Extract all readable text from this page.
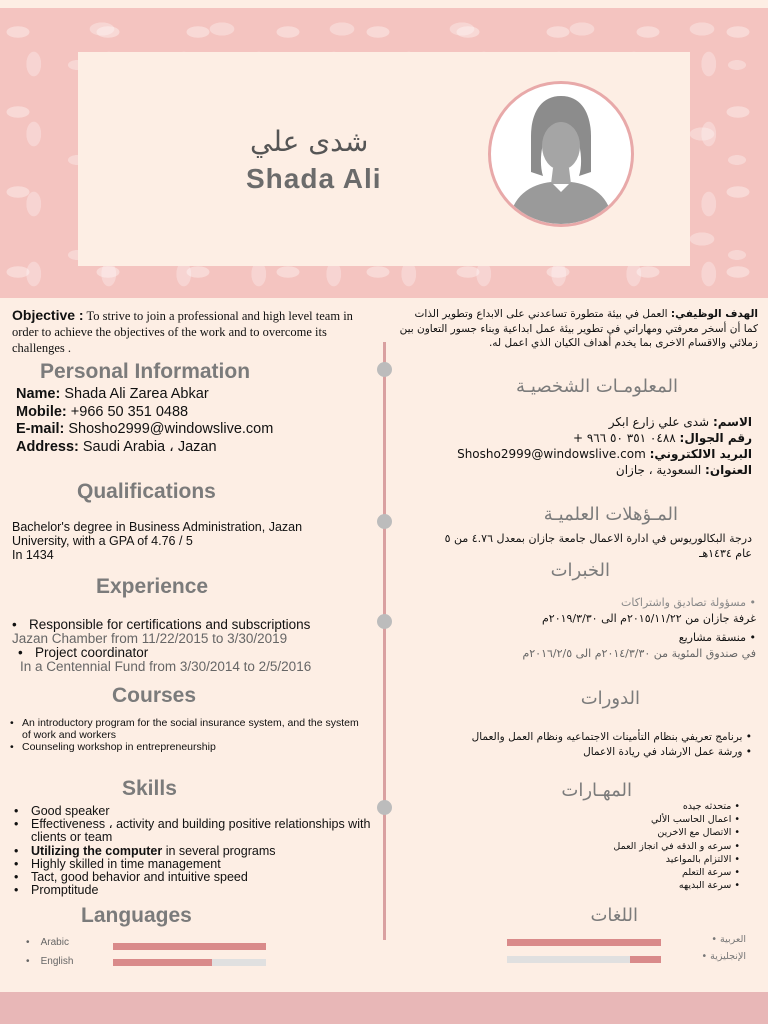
شدى علي
Shada Ali
Objective : To strive to join a professional and high level team in order to achieve the objectives of the work and to overcome its challenges .
Personal Information
Name: Shada Ali Zarea Abkar
Mobile: +966 50 351 0488
E-mail: Shosho2999@windowslive.com
Address: Saudi Arabia ، Jazan
Qualifications
Bachelor's degree in Business Administration, Jazan University, with a GPA of 4.76 / 5
In 1434
Experience
• Responsible for certifications and subscriptions
Jazan Chamber from 11/22/2015 to 3/30/2019
• Project coordinator
In a Centennial Fund from 3/30/2014 to 2/5/2016
Courses
• An introductory program for the social insurance system, and the system of work and workers
• Counseling workshop in entrepreneurship
Skills
• Good speaker
• Effectiveness ، activity and building positive relationships with clients or team
• Utilizing the computer in several programs
• Highly skilled in time management
• Tact, good behavior and intuitive speed
• Promptitude
Languages
•    Arabic
•    English
الهدف الوظيفي: العمل في بيئة متطورة تساعدني على الابداع وتطوير الذات كما أن أسخر معرفتي ومهاراتي في تطوير بيئة عمل ابداعية وبناء جسور التعاون بين زملائي والاقسام الاخرى بما يخدم أهداف الكيان الذي اعمل له.
المعلومـات الشخصيـة
الاسم: شدى علي زارع ابكر
رقم الجوال: ٠٤٨٨ ٣٥١ ٥٠ ٩٦٦ +
البريد الالكتروني: Shosho2999@windowslive.com
العنوان: السعودية ، جازان
المـؤهلات العلميـة
درجة البكالوريوس في ادارة الاعمال جامعة جازان بمعدل ٤.٧٦ من ٥ عام ١٤٣٤هـ
الخبرات
• مسؤولة تصاديق واشتراكات
غرفة جازان من ٢٠١٥/١١/٢٢م الى ٢٠١٩/٣/٣٠م
• منسقة مشاريع
في صندوق المئوية من ٢٠١٤/٣/٣٠م الى ٢٠١٦/٢/٥م
الدورات
• برنامج تعريفي بنظام التأمينات الاجتماعيه ونظام العمل والعمال
• ورشة عمل الارشاد في ريادة الاعمال
المهـارات
• متحدثه جيده
• اعمال الحاسب الألي
• الاتصال مع الاخرين
• سرعه و الدقه في انجاز العمل
• الالتزام بالمواعيد
• سرعة التعلم
• سرعة البديهه
اللغات
العربية •
الإنجليزية •
